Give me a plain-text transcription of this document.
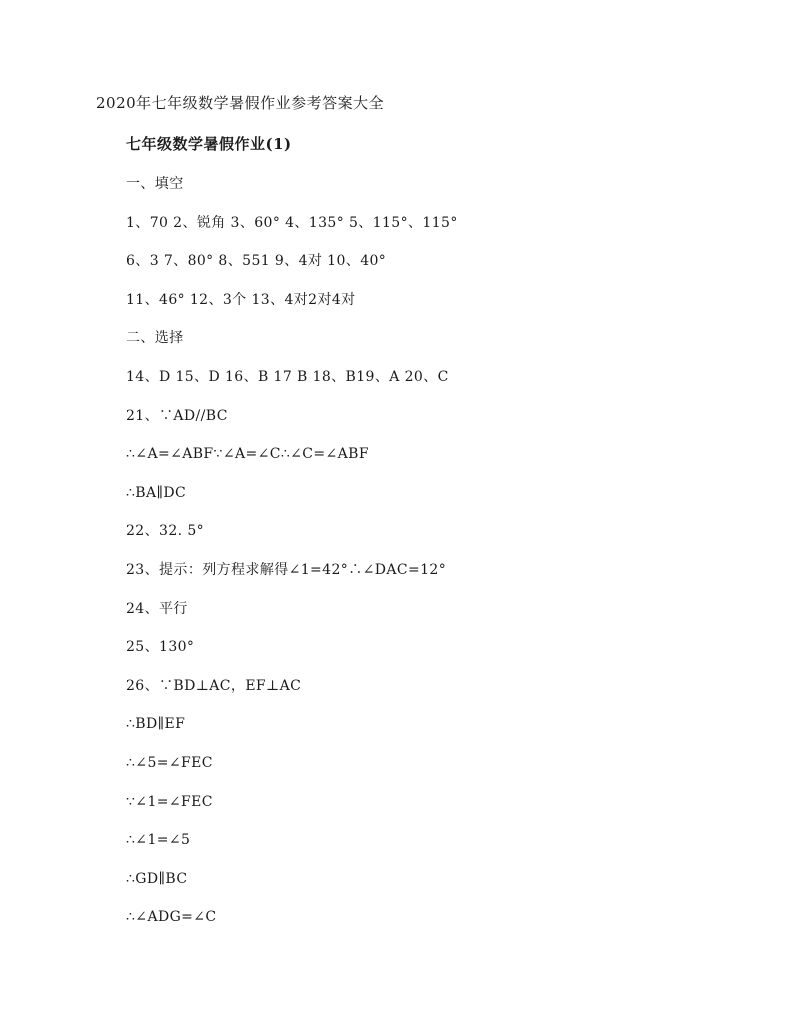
2020年七年级数学暑假作业参考答案大全
七年级数学暑假作业(1)
一、填空
1、70 2、锐角 3、60° 4、135° 5、115°、115°
6、3 7、80° 8、551 9、4对 10、40°
11、46° 12、3个 13、4对2对4对
二、选择
14、D 15、D 16、B 17 B 18、B19、A 20、C
21、∵AD//BC
∴∠A=∠ABF∵∠A=∠C∴∠C=∠ABF
∴BA∥DC
22、32. 5°
23、提示：列方程求解得∠1=42°∴∠DAC=12°
24、平行
25、130°
26、∵BD⊥AC，EF⊥AC
∴BD∥EF
∴∠5=∠FEC
∵∠1=∠FEC
∴∠1=∠5
∴GD∥BC
∴∠ADG=∠C
